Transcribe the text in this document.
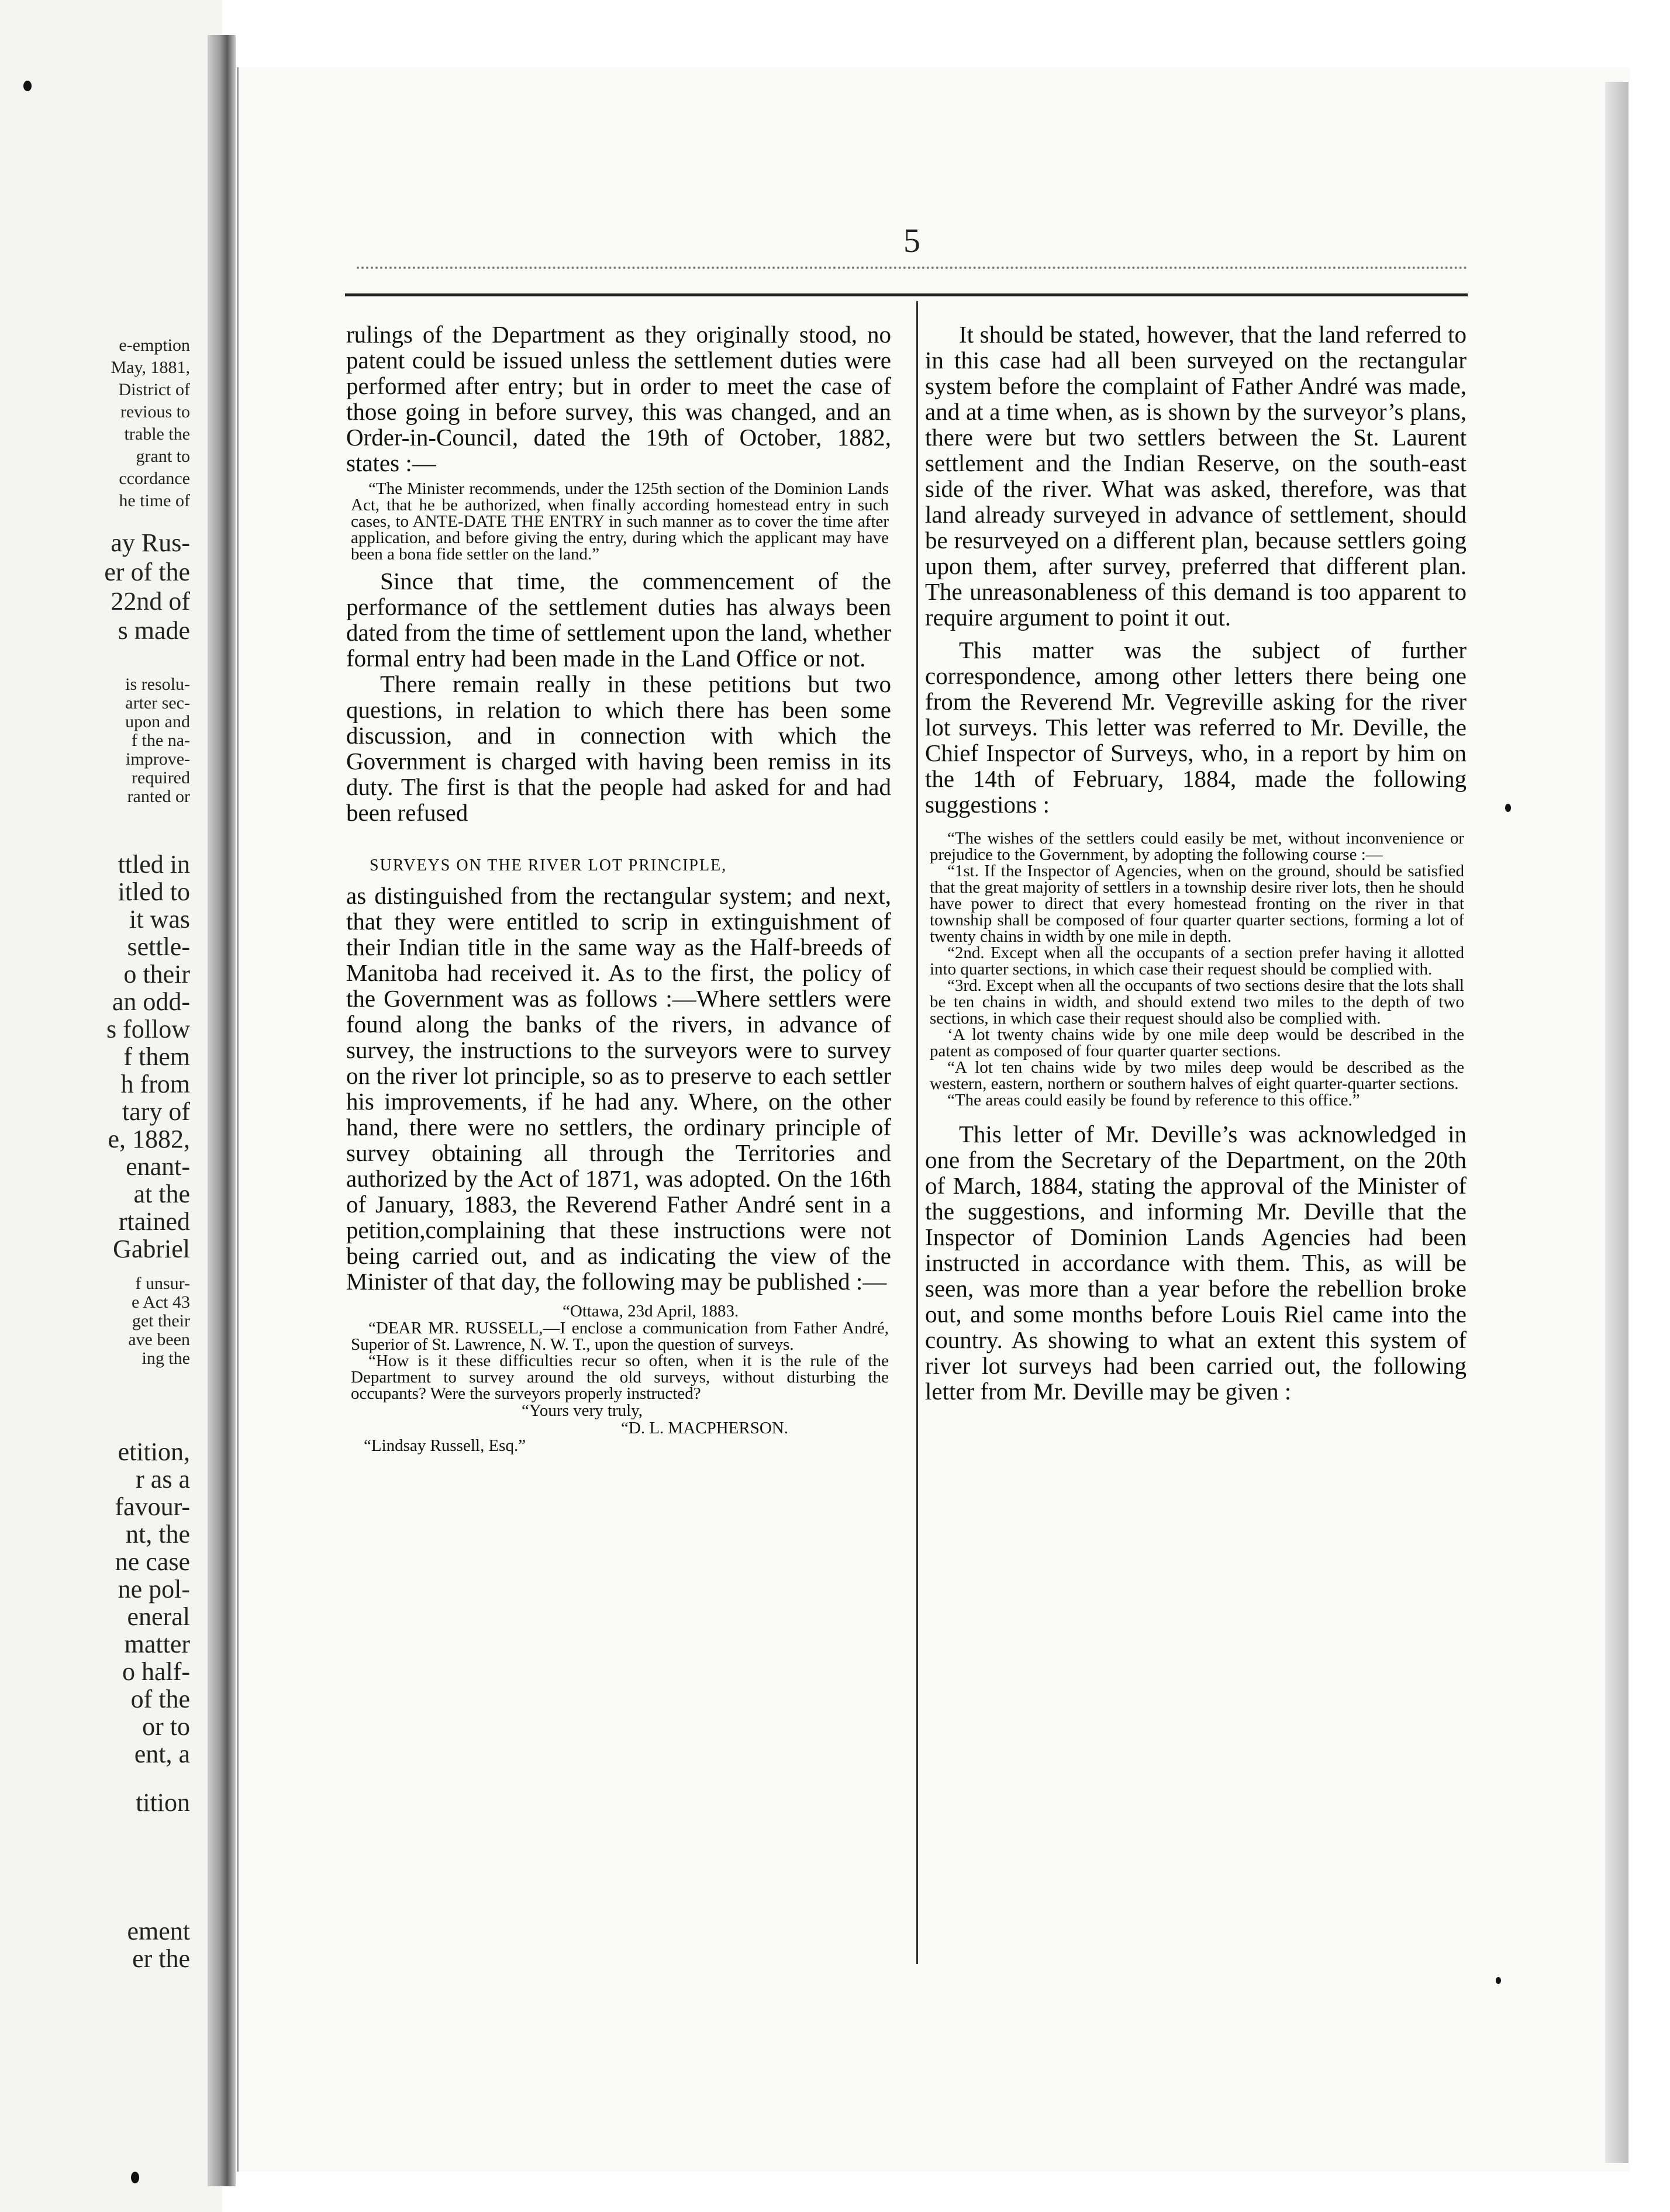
e-emption
May, 1881,
District of
revious to
trable the
grant to
ccordance
he time of
ay Rus-
er of the
22nd of
s made
is resolu-
arter sec-
upon and
f the na-
improve-
required
ranted or
ttled in
itled to
it was
settle-
o their
an odd-
s follow
f them
h from
tary of
e, 1882,
enant-
at the
rtained
Gabriel
f unsur-
e Act 43
get their
ave been
ing the
etition,
r as a
favour-
nt, the
ne case
ne pol-
eneral
matter
o half-
of the
or to
ent, a
tition
ement
er the
5

rulings of the Department as they originally stood, no patent could be issued unless the settlement duties were performed after entry; but in order to meet the case of those going in before survey, this was changed, and an Order-in-Council, dated the 19th of October, 1882, states :—

“The Minister recommends, under the 125th section of the Dominion Lands Act, that he be authorized, when finally according homestead entry in such cases, to ANTE-DATE THE ENTRY in such manner as to cover the time after application, and before giving the entry, during which the applicant may have been a bona fide settler on the land.”

Since that time, the commencement of the performance of the settlement duties has always been dated from the time of settlement upon the land, whether formal entry had been made in the Land Office or not.

There remain really in these petitions but two questions, in relation to which there has been some discussion, and in connection with which the Government is charged with having been remiss in its duty. The first is that the people had asked for and had been refused

SURVEYS ON THE RIVER LOT PRINCIPLE,

as distinguished from the rectangular system; and next, that they were entitled to scrip in extinguishment of their Indian title in the same way as the Half-breeds of Manitoba had received it. As to the first, the policy of the Government was as follows :—Where settlers were found along the banks of the rivers, in advance of survey, the instructions to the surveyors were to survey on the river lot principle, so as to preserve to each settler his improvements, if he had any. Where, on the other hand, there were no settlers, the ordinary principle of survey obtaining all through the Territories and authorized by the Act of 1871, was adopted. On the 16th of January, 1883, the Reverend Father André sent in a petition,complaining that these instructions were not being carried out, and as indicating the view of the Minister of that day, the following may be published :—

“Ottawa, 23d April, 1883.

“DEAR MR. RUSSELL,—I enclose a communication from Father André, Superior of St. Lawrence, N. W. T., upon the question of surveys.

“How is it these difficulties recur so often, when it is the rule of the Department to survey around the old surveys, without disturbing the occupants? Were the surveyors properly instructed?

“Yours very truly,

“D. L. MACPHERSON.

“Lindsay Russell, Esq.”

It should be stated, however, that the land referred to in this case had all been surveyed on the rectangular system before the complaint of Father André was made, and at a time when, as is shown by the surveyor’s plans, there were but two settlers between the St. Laurent settlement and the Indian Reserve, on the south-east side of the river. What was asked, therefore, was that land already surveyed in advance of settlement, should be resurveyed on a different plan, because settlers going upon them, after survey, preferred that different plan. The unreasonableness of this demand is too apparent to require argument to point it out.

This matter was the subject of further correspondence, among other letters there being one from the Reverend Mr. Vegreville asking for the river lot surveys. This letter was referred to Mr. Deville, the Chief Inspector of Surveys, who, in a report by him on the 14th of February, 1884, made the following suggestions :

“The wishes of the settlers could easily be met, without inconvenience or prejudice to the Government, by adopting the following course :—

“1st. If the Inspector of Agencies, when on the ground, should be satisfied that the great majority of settlers in a township desire river lots, then he should have power to direct that every homestead fronting on the river in that township shall be composed of four quarter quarter sections, forming a lot of twenty chains in width by one mile in depth.

“2nd. Except when all the occupants of a section prefer having it allotted into quarter sections, in which case their request should be complied with.

“3rd. Except when all the occupants of two sections desire that the lots shall be ten chains in width, and should extend two miles to the depth of two sections, in which case their request should also be complied with.

‘A lot twenty chains wide by one mile deep would be described in the patent as composed of four quarter quarter sections.

“A lot ten chains wide by two miles deep would be described as the western, eastern, northern or southern halves of eight quarter-quarter sections.

“The areas could easily be found by reference to this office.”

This letter of Mr. Deville’s was acknowledged in one from the Secretary of the Department, on the 20th of March, 1884, stating the approval of the Minister of the suggestions, and informing Mr. Deville that the Inspector of Dominion Lands Agencies had been instructed in accordance with them. This, as will be seen, was more than a year before the rebellion broke out, and some months before Louis Riel came into the country. As showing to what an extent this system of river lot surveys had been carried out, the following letter from Mr. Deville may be given :
